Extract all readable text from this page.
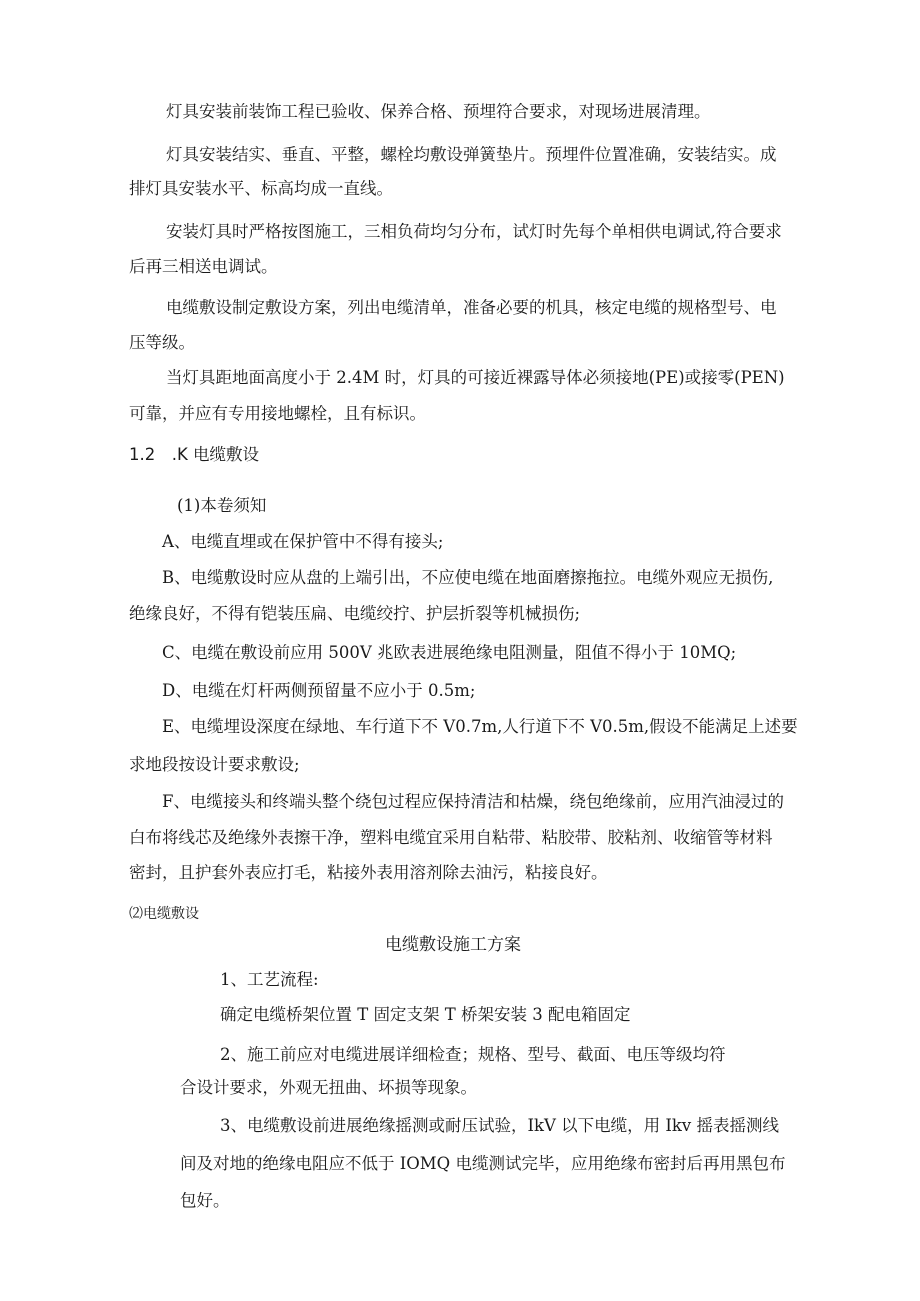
灯具安装前装饰工程已验收、保养合格、预埋符合要求，对现场进展清理。
灯具安装结实、垂直、平整，螺栓均敷设弹簧垫片。预埋件位置准确，安装结实。成
排灯具安装水平、标高均成一直线。
安装灯具时严格按图施工，三相负荷均匀分布，试灯时先每个单相供电调试,符合要求
后再三相送电调试。
电缆敷设制定敷设方案，列出电缆清单，准备必要的机具，核定电缆的规格型号、电
压等级。
当灯具距地面高度小于 2.4M 时，灯具的可接近裸露导体必须接地(PE)或接零(PEN)
可靠，并应有专用接地螺栓，且有标识。
1.2　.K 电缆敷设
(1)本卷须知
A、电缆直埋或在保护管中不得有接头;
B、电缆敷设时应从盘的上端引出，不应使电缆在地面磨擦拖拉。电缆外观应无损伤,
绝缘良好，不得有铠装压扁、电缆绞拧、护层折裂等机械损伤;
C、电缆在敷设前应用 500V 兆欧表进展绝缘电阻测量，阻值不得小于 10MQ;
D、电缆在灯杆两侧预留量不应小于 0.5m;
E、电缆埋设深度在绿地、车行道下不 V0.7m,人行道下不 V0.5m,假设不能满足上述要
求地段按设计要求敷设;
F、电缆接头和终端头整个绕包过程应保持清洁和枯燥，绕包绝缘前，应用汽油浸过的
白布将线芯及绝缘外表擦干净，塑料电缆宜采用自粘带、粘胶带、胶粘剂、收缩管等材料
密封，且护套外表应打毛，粘接外表用溶剂除去油污，粘接良好。
⑵电缆敷设
电缆敷设施工方案
1、工艺流程:
确定电缆桥架位置 T 固定支架 T 桥架安装 3 配电箱固定
2、施工前应对电缆进展详细检查；规格、型号、截面、电压等级均符
合设计要求，外观无扭曲、坏损等现象。
3、电缆敷设前进展绝缘摇测或耐压试验，IkV 以下电缆，用 Ikv 摇表摇测线
间及对地的绝缘电阻应不低于 IOMQ 电缆测试完毕，应用绝缘布密封后再用黑包布
包好。
